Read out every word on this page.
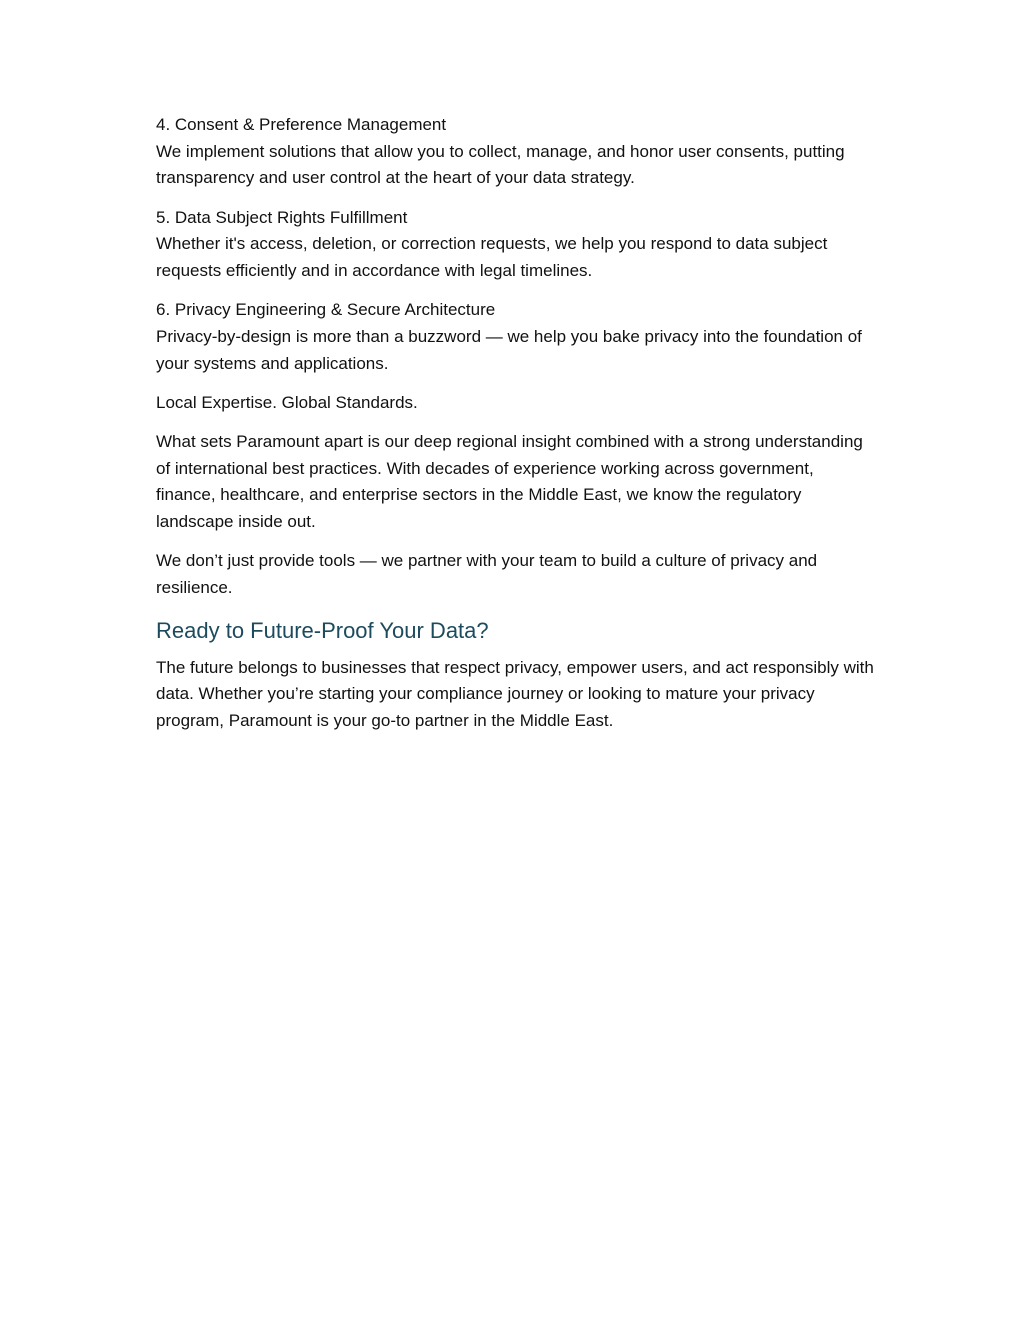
4. Consent & Preference Management
We implement solutions that allow you to collect, manage, and honor user consents, putting transparency and user control at the heart of your data strategy.
5. Data Subject Rights Fulfillment
Whether it's access, deletion, or correction requests, we help you respond to data subject requests efficiently and in accordance with legal timelines.
6. Privacy Engineering & Secure Architecture
Privacy-by-design is more than a buzzword — we help you bake privacy into the foundation of your systems and applications.

Local Expertise. Global Standards.

What sets Paramount apart is our deep regional insight combined with a strong understanding of international best practices. With decades of experience working across government, finance, healthcare, and enterprise sectors in the Middle East, we know the regulatory landscape inside out.

We don’t just provide tools — we partner with your team to build a culture of privacy and resilience.

Ready to Future-Proof Your Data?

The future belongs to businesses that respect privacy, empower users, and act responsibly with data. Whether you’re starting your compliance journey or looking to mature your privacy program, Paramount is your go-to partner in the Middle East.
